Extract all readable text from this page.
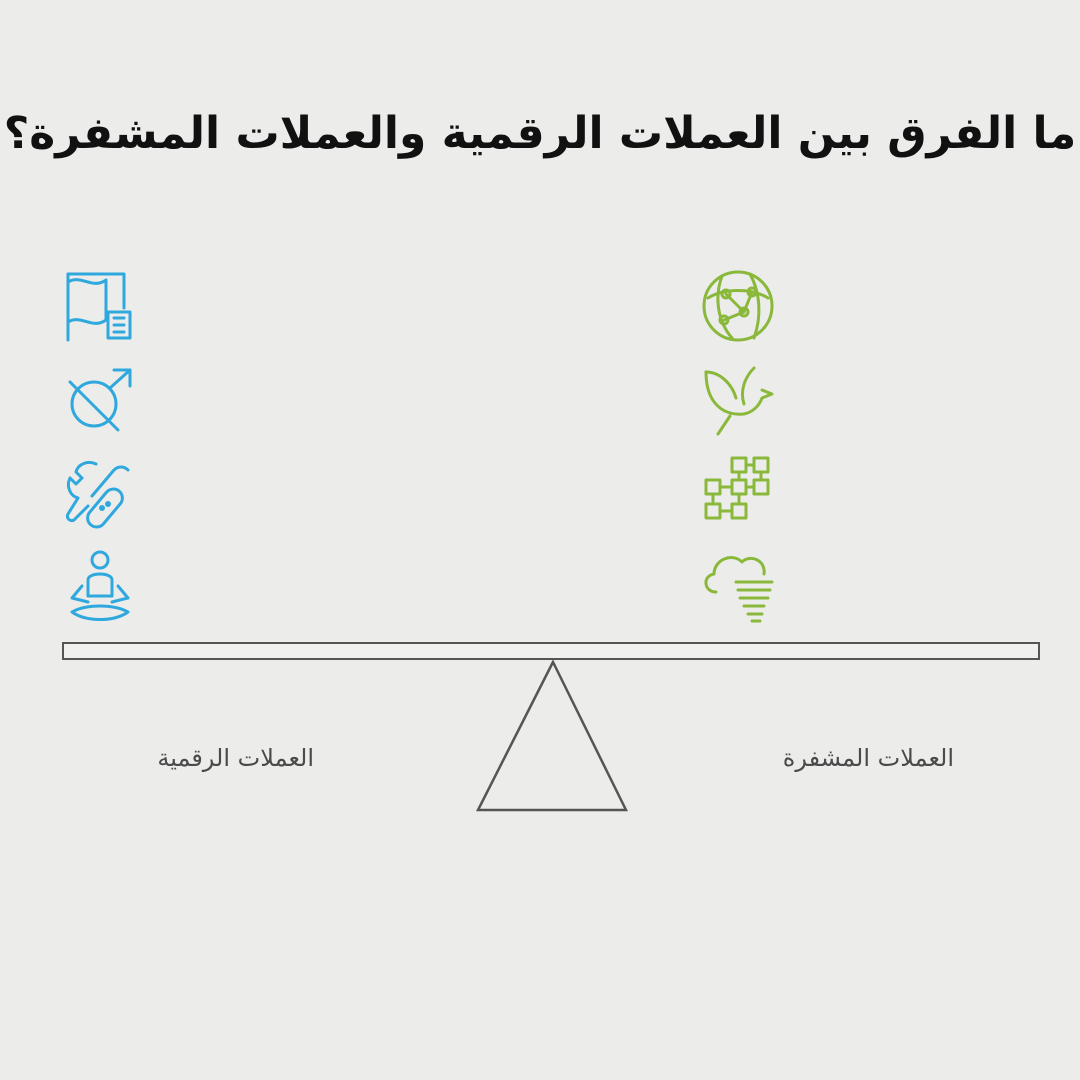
ما الفرق بين العملات الرقمية والعملات المشفرة؟
العملات الرقمية	العملات المشفرة
